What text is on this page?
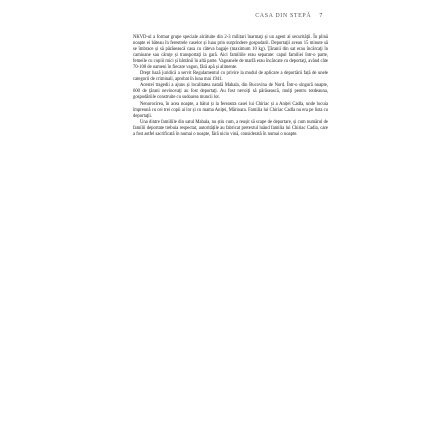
CASA DIN STEPĂ 7

NKVD-ul a format grupe speciale alcătuite din 2-3 militari înarmaţi și un agent al securităţii. În plină noapte ei băteau în ferestrele caselor și luau prin surprindere gospodarii. Deportaţii aveau 15 minute să se îmbrace și să părăsească casa cu câteva bagaje (maximum 10 kg). Ţăranii din sat erau încărcaţi în camioane sau căruţe și transportaţi la gară. Aici familiile erau separate: capul familiei într-o parte, femeile cu copiii mici și bătrânii în altă parte. Vagoanele de marfă erau încărcate cu deportaţi, având câte 70-100 de oameni în fiecare vagon, fără apă și alimente.

Drept bază juridică a servit Regulamentul cu privire la modul de aplicare a deportării față de unele categorii de criminali, aprobat în luna mai 1941.

Acestei tragedii a ajuns și localitatea natală Mahala, din Bucovina de Nord. Într-o singură noapte, 600 de ţărani nevinovaţi au fost deportaţi. Au fost nevoiţi să părăsească, mulţi pentru totdeauna, gospodăriile construite cu sudoarea muncii lor.

Nenorocirea, în acea noapte, a bătut și la fereastra casei lui Chiriac și a Aniței Cadla, unde locuia împreună cu cei trei copii ai lor și cu mama Aniței, Mărioara. Familia lui Chiriac Cadla nu era pe lista cu deportaţii.

Una dintre familiile din satul Mahala, nu știu cum, a reușit să scape de deportare, și cum numărul de familii deportate trebuia respectat, autoritățile au fabricat pretextul luând familia lui Chiriac Cadla, care a fost astfel sacrificată în numai o noapte, fără nicio vină, considerată în numai o noapte.
